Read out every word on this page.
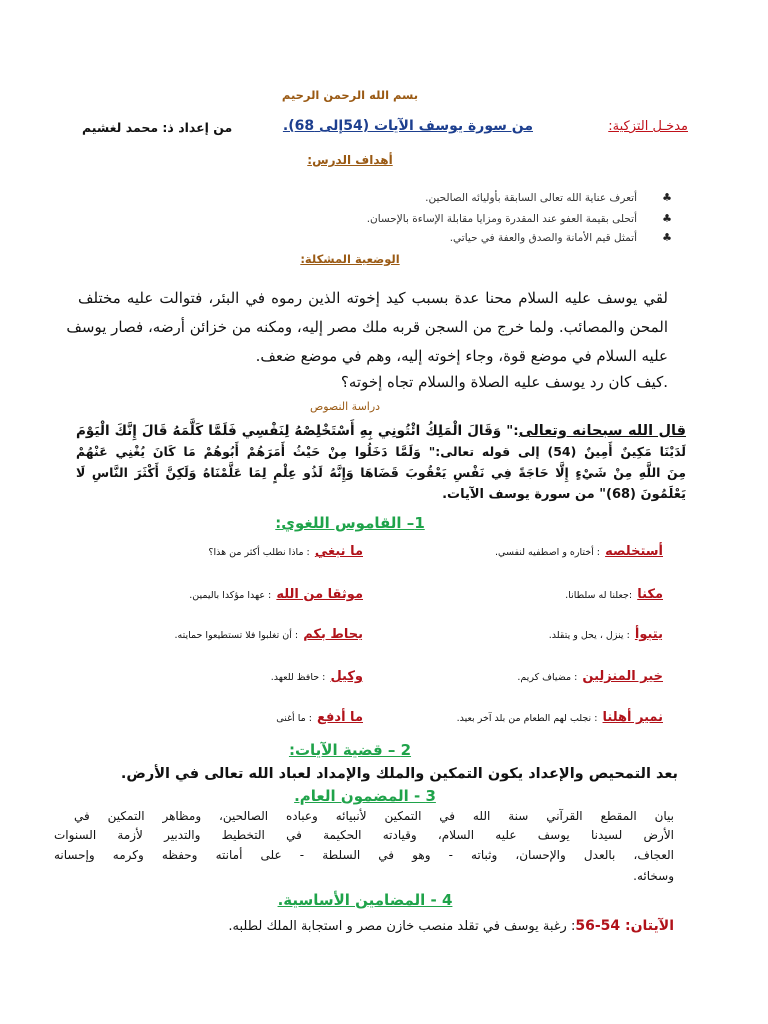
بسم الله الرحمن الرحيم
مدخـل التزكية:
من سورة يوسف الآيات (54إلى 68).
من إعداد ذ: محمد لغشيم
أهداف الدرس:
♣ أتعرف عناية الله تعالى السابقة بأوليائه الصالحين.
♣ أتحلى بقيمة العفو عند المقدرة ومزايا مقابلة الإساءة بالإحسان.
♣ أتمثل قيم الأمانة والصدق والعفة في حياتي.
الوضعية المشكلة:
لقي يوسف عليه السلام محنا عدة بسبب كيد إخوته الذين رموه في البئر، فتوالت عليه مختلف
المحن والمصائب. ولما خرج من السجن قربه ملك مصر إليه، ومكنه من خزائن أرضه، فصار يوسف
عليه السلام في موضع قوة، وجاء إخوته إليه، وهم في موضع ضعف.
.كيف كان رد يوسف عليه الصلاة والسلام تجاه إخوته؟
دراسة النصوص
قال الله سبحانه وتعالى:" وَقَالَ الْمَلِكُ ائْتُونِي بِهِ أَسْتَخْلِصْهُ لِنَفْسِي فَلَمَّا كَلَّمَهُ قَالَ إِنَّكَ الْيَوْمَ
لَدَيْنَا مَكِينٌ أَمِينٌ (54) إلى قوله تعالى:" وَلَمَّا دَخَلُوا مِنْ حَيْثُ أَمَرَهُمْ أَبُوهُمْ مَا كَانَ يُغْنِي عَنْهُمْ
مِنَ اللَّهِ مِنْ شَيْءٍ إِلَّا حَاجَةً فِي نَفْسِ يَعْقُوبَ قَضَاهَا وَإِنَّهُ لَذُو عِلْمٍ لِمَا عَلَّمْنَاهُ وَلَكِنَّ أَكْثَرَ النَّاسِ لَا
يَعْلَمُونَ (68)" من سورة يوسف الآيات.
1– القاموس اللغوي:
أستخلصه : أختاره و اصطفيه لنفسي.
ما نبغي : ماذا نطلب أكثر من هذا؟
مكنا :جعلنا له سلطانا.
موثقا من الله : عهدا مؤكدا باليمين.
يتبوأ : ينزل ، يحل و يتقلد.
يحاط بكم : أن تغلبوا فلا تستطيعوا حمايته.
خير المنزلين : مضياف كريم.
وكيل : حافظ للعهد.
نمير أهلنا : نجلب لهم الطعام من بلد آخر بعيد.
ما أدفع : ما أغنى
2 – قضية الآيات:
بعد التمحيص والإعداد يكون التمكين والملك والإمداد لعباد الله تعالى في الأرض.
3 - المضمون العام.
بيان المقطع القرآني سنة الله في التمكين لأنبيائه وعباده الصالحين، ومظاهر التمكين في
الأرض لسيدنا يوسف عليه السلام، وقيادته الحكيمة في التخطيط والتدبير لأزمة السنوات
العجاف، بالعدل والإحسان، وثباته - وهو في السلطة - على أمانته وحفظه وكرمه وإحسانه
وسخائه.
4 - المضامين الأساسية.
الآيتان: 54-56: رغبة يوسف في تقلد منصب خازن مصر و استجابة الملك لطلبه.
